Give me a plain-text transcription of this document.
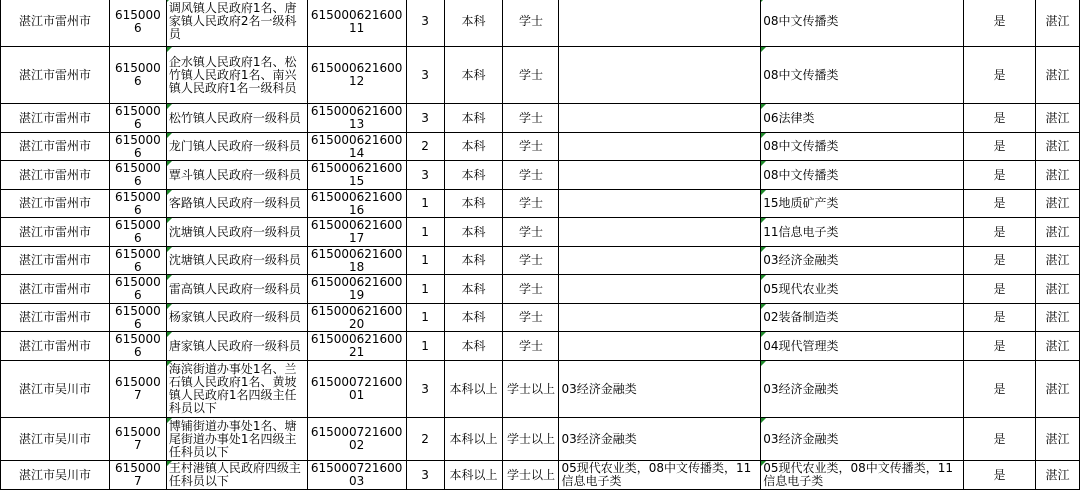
湛江市雷州市	6150006	调风镇人民政府1名、唐家镇人民政府2名一级科员	61500062160011	3	本科	学士		08中文传播类	是	湛江

湛江市雷州市	6150006	企水镇人民政府1名、松竹镇人民政府1名、南兴镇人民政府1名一级科员	61500062160012	3	本科	学士		08中文传播类	是	湛江

湛江市雷州市	6150006	松竹镇人民政府一级科员	61500062160013	3	本科	学士		06法律类	是	湛江

湛江市雷州市	6150006	龙门镇人民政府一级科员	61500062160014	2	本科	学士		08中文传播类	是	湛江

湛江市雷州市	6150006	覃斗镇人民政府一级科员	61500062160015	3	本科	学士		08中文传播类	是	湛江

湛江市雷州市	6150006	客路镇人民政府一级科员	61500062160016	1	本科	学士		15地质矿产类	是	湛江

湛江市雷州市	6150006	沈塘镇人民政府一级科员	61500062160017	1	本科	学士		11信息电子类	是	湛江

湛江市雷州市	6150006	沈塘镇人民政府一级科员	61500062160018	1	本科	学士		03经济金融类	是	湛江

湛江市雷州市	6150006	雷高镇人民政府一级科员	61500062160019	1	本科	学士		05现代农业类	是	湛江

湛江市雷州市	6150006	杨家镇人民政府一级科员	61500062160020	1	本科	学士		02装备制造类	是	湛江

湛江市雷州市	6150006	唐家镇人民政府一级科员	61500062160021	1	本科	学士		04现代管理类	是	湛江

湛江市吴川市	6150007	海滨街道办事处1名、兰石镇人民政府1名、黄坡镇人民政府1名四级主任科员以下	61500072160001	3	本科以上	学士以上	03经济金融类	03经济金融类	是	湛江

湛江市吴川市	6150007	博铺街道办事处1名、塘尾街道办事处1名四级主任科员以下	61500072160002	2	本科以上	学士以上	03经济金融类	03经济金融类	是	湛江

湛江市吴川市	6150007	王村港镇人民政府四级主任科员以下	61500072160003	3	本科以上	学士以上	05现代农业类，08中文传播类，11信息电子类	05现代农业类，08中文传播类，11信息电子类	是	湛江
